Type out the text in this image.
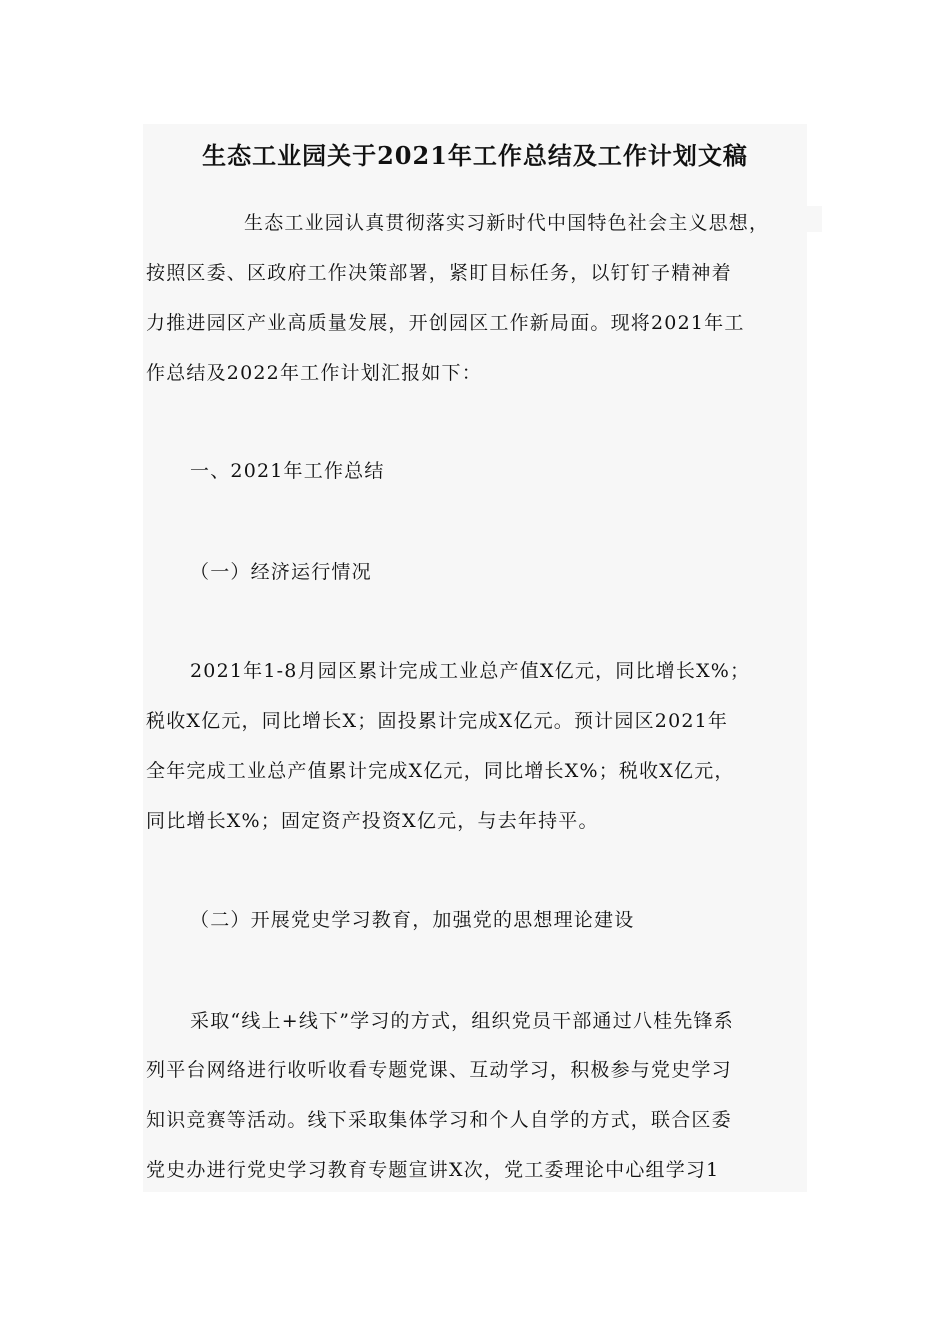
生态工业园关于2021年工作总结及工作计划文稿
生态工业园认真贯彻落实习新时代中国特色社会主义思想，
按照区委、区政府工作决策部署，紧盯目标任务，以钉钉子精神着
力推进园区产业高质量发展，开创园区工作新局面。现将2021年工
作总结及2022年工作计划汇报如下：
一、2021年工作总结
（一）经济运行情况
2021年1-8月园区累计完成工业总产值X亿元，同比增长X%；
税收X亿元，同比增长X；固投累计完成X亿元。预计园区2021年
全年完成工业总产值累计完成X亿元，同比增长X%；税收X亿元，
同比增长X%；固定资产投资X亿元，与去年持平。
（二）开展党史学习教育，加强党的思想理论建设
采取“线上+线下”学习的方式，组织党员干部通过八桂先锋系
列平台网络进行收听收看专题党课、互动学习，积极参与党史学习
知识竞赛等活动。线下采取集体学习和个人自学的方式，联合区委
党史办进行党史学习教育专题宣讲X次，党工委理论中心组学习1
